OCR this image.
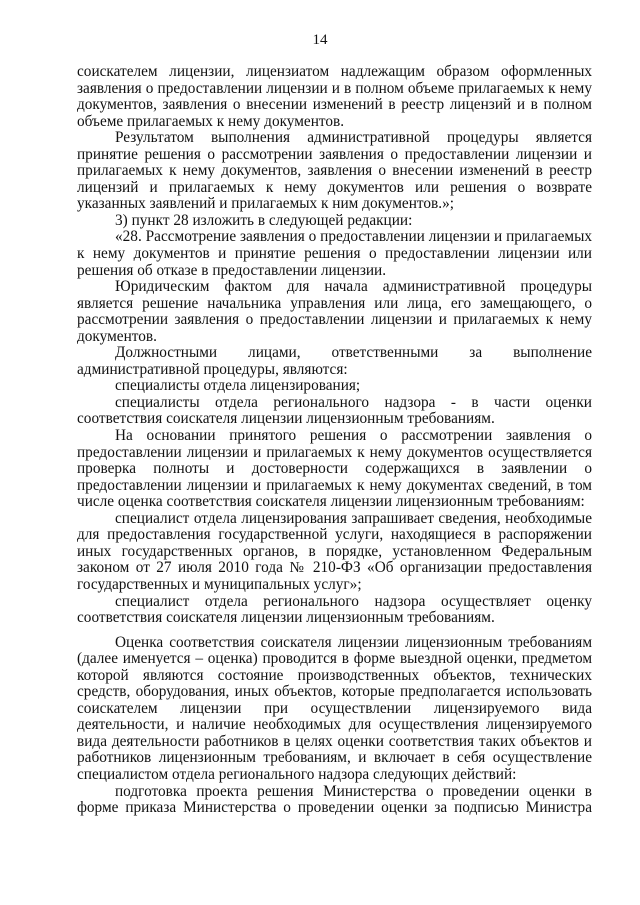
14

соискателем лицензии, лицензиатом надлежащим образом оформленных заявления о предоставлении лицензии и в полном объеме прилагаемых к нему документов, заявления о внесении изменений в реестр лицензий и в полном объеме прилагаемых к нему документов.

Результатом выполнения административной процедуры является принятие решения о рассмотрении заявления о предоставлении лицензии и прилагаемых к нему документов, заявления о внесении изменений в реестр лицензий и прилагаемых к нему документов или решения о возврате указанных заявлений и прилагаемых к ним документов.»;

3) пункт 28 изложить в следующей редакции:

«28. Рассмотрение заявления о предоставлении лицензии и прилагаемых к нему документов и принятие решения о предоставлении лицензии или решения об отказе в предоставлении лицензии.

Юридическим фактом для начала административной процедуры является решение начальника управления или лица, его замещающего, о рассмотрении заявления о предоставлении лицензии и прилагаемых к нему документов.

Должностными лицами, ответственными за выполнение административной процедуры, являются:

специалисты отдела лицензирования;

специалисты отдела регионального надзора - в части оценки соответствия соискателя лицензии лицензионным требованиям.

На основании принятого решения о рассмотрении заявления о предоставлении лицензии и прилагаемых к нему документов осуществляется проверка полноты и достоверности содержащихся в заявлении о предоставлении лицензии и прилагаемых к нему документах сведений, в том числе оценка соответствия соискателя лицензии лицензионным требованиям:

специалист отдела лицензирования запрашивает сведения, необходимые для предоставления государственной услуги, находящиеся в распоряжении иных государственных органов, в порядке, установленном Федеральным законом от 27 июля 2010 года № 210-ФЗ «Об организации предоставления государственных и муниципальных услуг»;

специалист отдела регионального надзора осуществляет оценку соответствия соискателя лицензии лицензионным требованиям.

Оценка соответствия соискателя лицензии лицензионным требованиям (далее именуется – оценка) проводится в форме выездной оценки, предметом которой являются состояние производственных объектов, технических средств, оборудования, иных объектов, которые предполагается использовать соискателем лицензии при осуществлении лицензируемого вида деятельности, и наличие необходимых для осуществления лицензируемого вида деятельности работников в целях оценки соответствия таких объектов и работников лицензионным требованиям, и включает в себя осуществление специалистом отдела регионального надзора следующих действий:

подготовка проекта решения Министерства о проведении оценки в форме приказа Министерства о проведении оценки за подписью Министра
